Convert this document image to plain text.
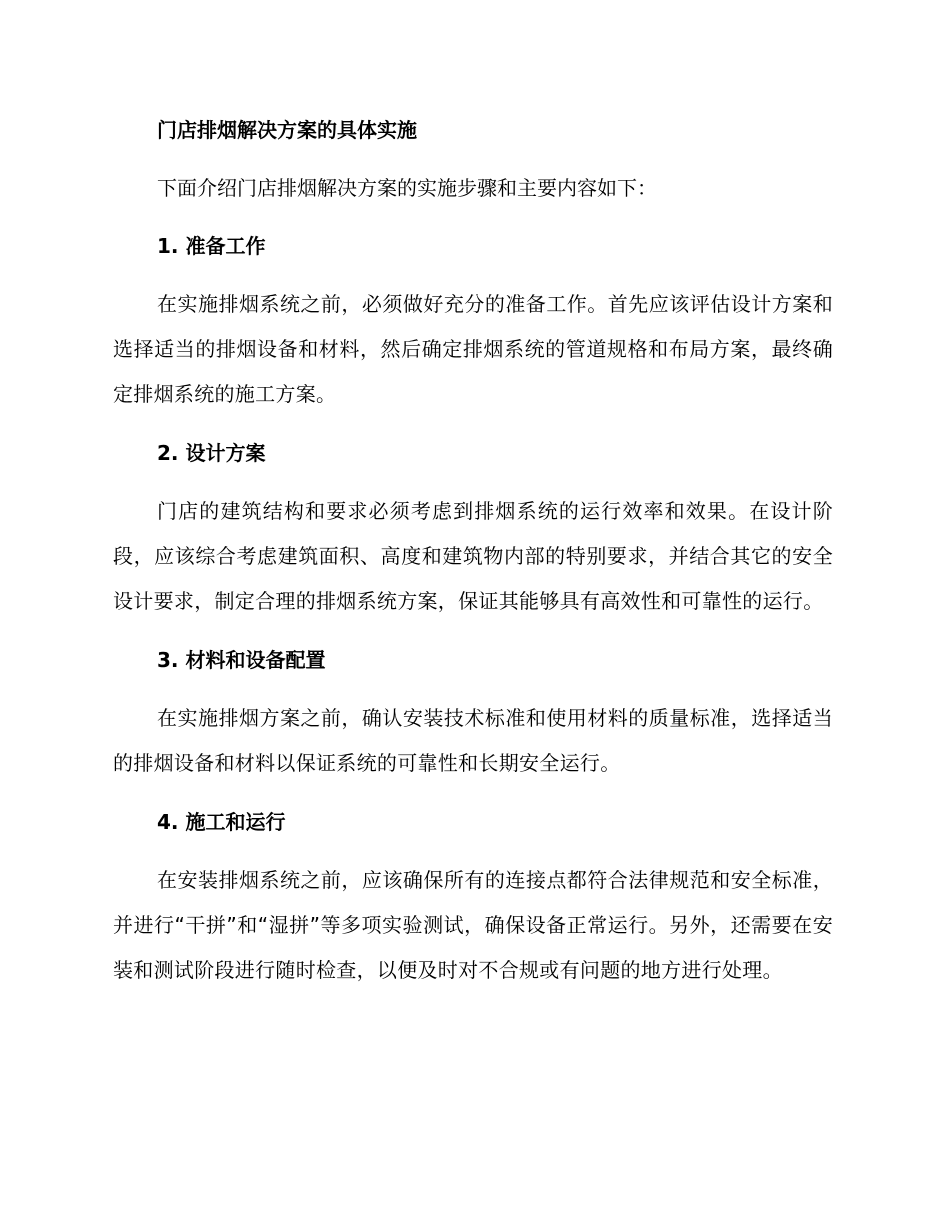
门店排烟解决方案的具体实施
下面介绍门店排烟解决方案的实施步骤和主要内容如下：
1. 准备工作
在实施排烟系统之前，必须做好充分的准备工作。首先应该评估设计方案和选择适当的排烟设备和材料，然后确定排烟系统的管道规格和布局方案，最终确定排烟系统的施工方案。
2. 设计方案
门店的建筑结构和要求必须考虑到排烟系统的运行效率和效果。在设计阶段，应该综合考虑建筑面积、高度和建筑物内部的特别要求，并结合其它的安全设计要求，制定合理的排烟系统方案，保证其能够具有高效性和可靠性的运行。
3. 材料和设备配置
在实施排烟方案之前，确认安装技术标准和使用材料的质量标准，选择适当的排烟设备和材料以保证系统的可靠性和长期安全运行。
4. 施工和运行
在安装排烟系统之前，应该确保所有的连接点都符合法律规范和安全标准，并进行“干拼”和“湿拼”等多项实验测试，确保设备正常运行。另外，还需要在安装和测试阶段进行随时检查，以便及时对不合规或有问题的地方进行处理。
